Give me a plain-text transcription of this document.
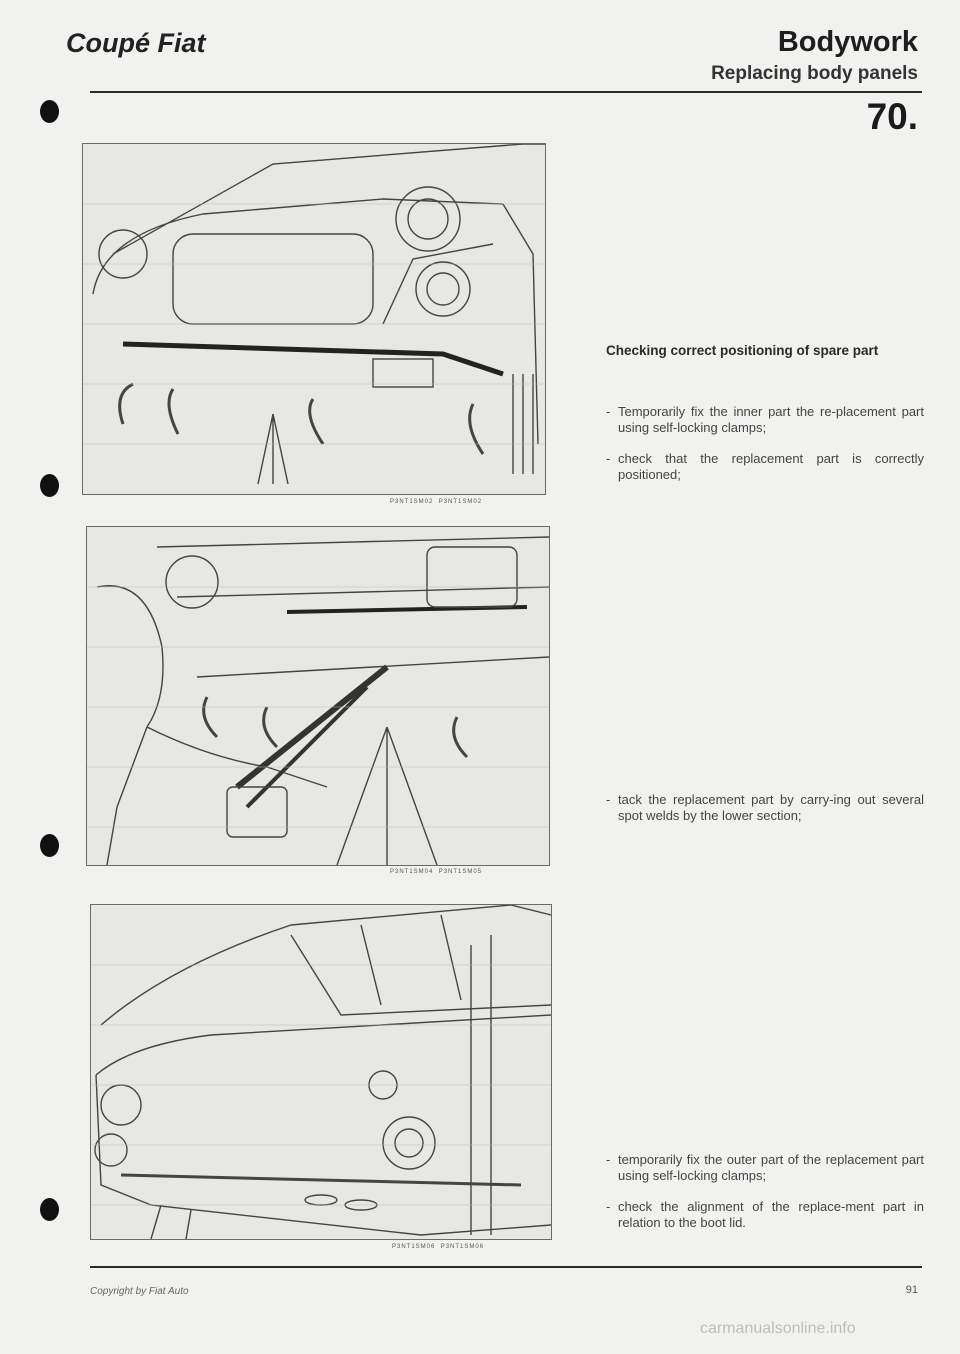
Coupé Fiat	Bodywork
Replacing body panels
70.
P3NT1SM02 P3NT1SM02
P3NT1SM04 P3NT1SM05
P3NT1SM06 P3NT1SM06
Checking correct positioning of spare part
- Temporarily fix the inner part the re-placement part using self-locking clamps;
- check that the replacement part is correctly positioned;
- tack the replacement part by carry-ing out several spot welds by the lower section;
- temporarily fix the outer part of the replacement part using self-locking clamps;
- check the alignment of the replace-ment part in relation to the boot lid.
Copyright by Fiat Auto	91
carmanualsonline.info
